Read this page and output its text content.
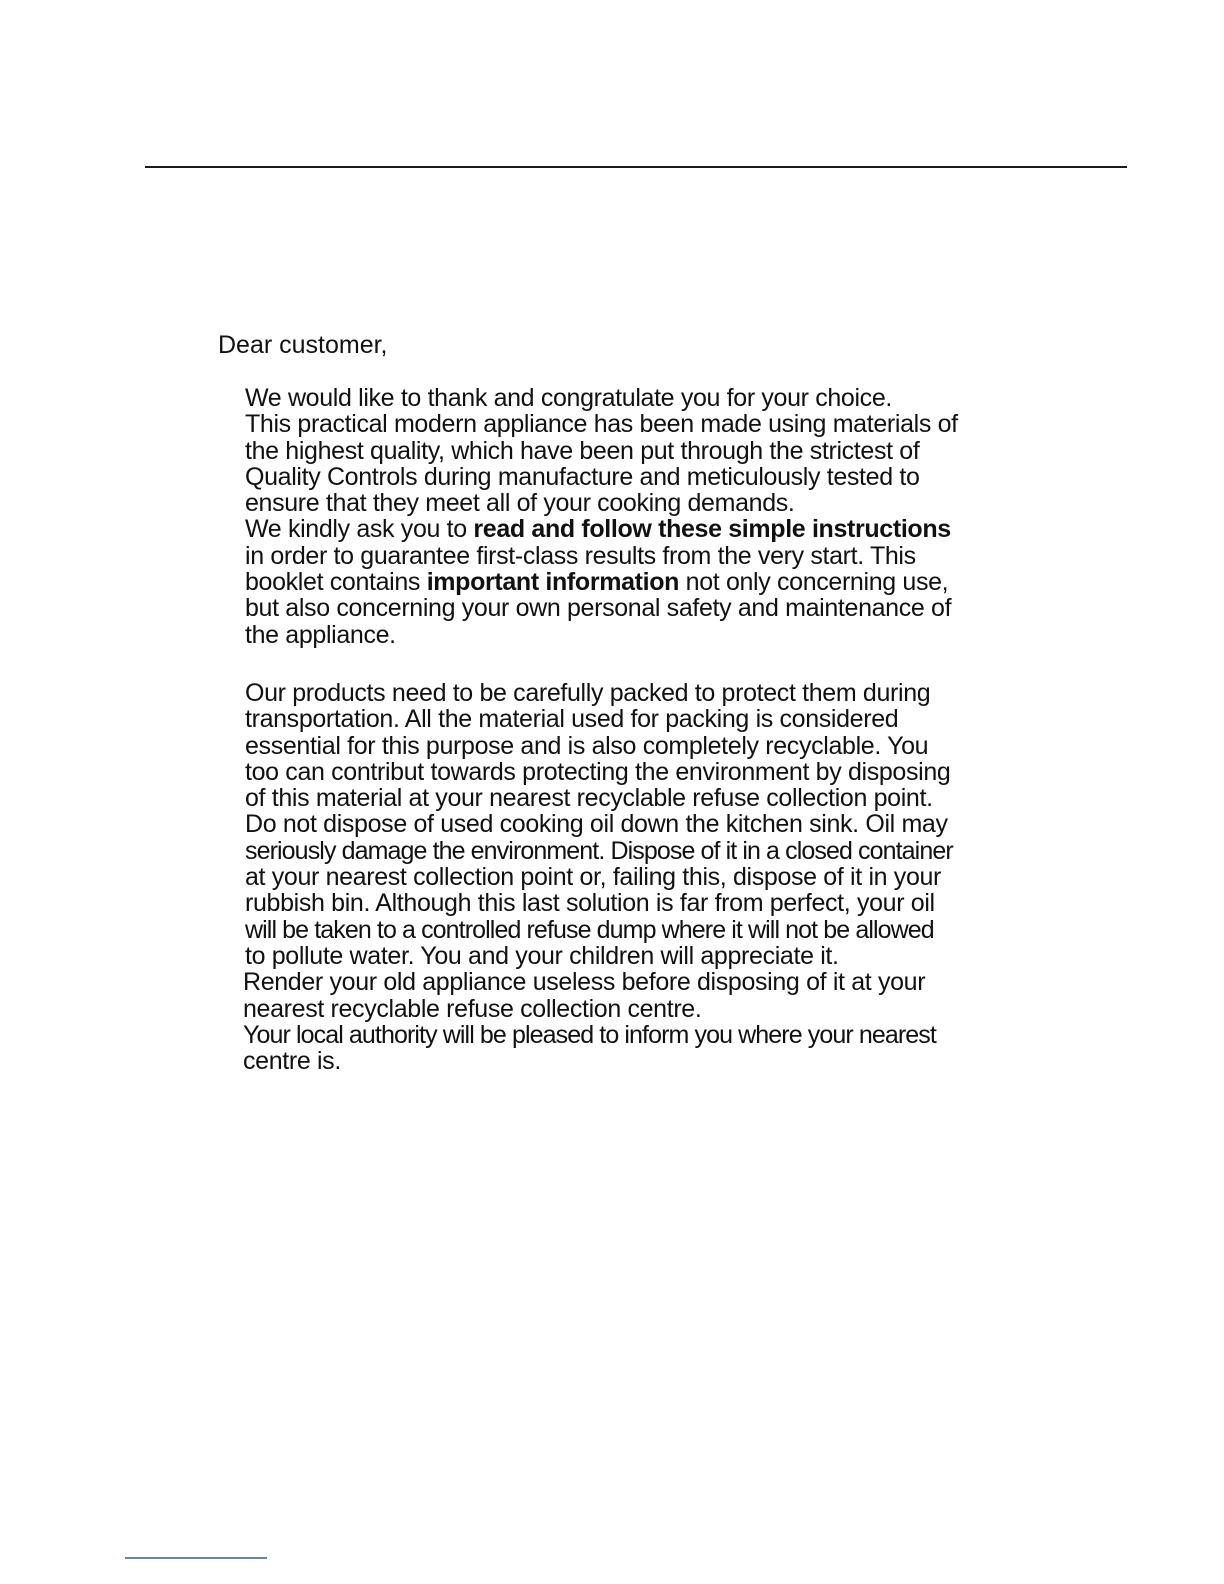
Dear customer,

We would like to thank and congratulate you for your choice.
This practical modern appliance has been made using materials of
the highest quality, which have been put through the strictest of
Quality Controls during manufacture and meticulously tested to
ensure that they meet all of your cooking demands.
We kindly ask you to read and follow these simple instructions
in order to guarantee first-class results from the very start. This
booklet contains important information not only concerning use,
but also concerning your own personal safety and maintenance of
the appliance.
Our products need to be carefully packed to protect them during
transportation. All the material used for packing is considered
essential for this purpose and is also completely recyclable. You
too can contribut towards protecting the environment by disposing
of this material at your nearest recyclable refuse collection point.
Do not dispose of used cooking oil down the kitchen sink. Oil may
seriously damage the environment. Dispose of it in a closed container
at your nearest collection point or, failing this, dispose of it in your
rubbish bin. Although this last solution is far from perfect, your oil
will be taken to a controlled refuse dump where it will not be allowed
to pollute water. You and your children will appreciate it.
Render your old appliance useless before disposing of it at your
nearest recyclable refuse collection centre.
Your local authority will be pleased to inform you where your nearest
centre is.
